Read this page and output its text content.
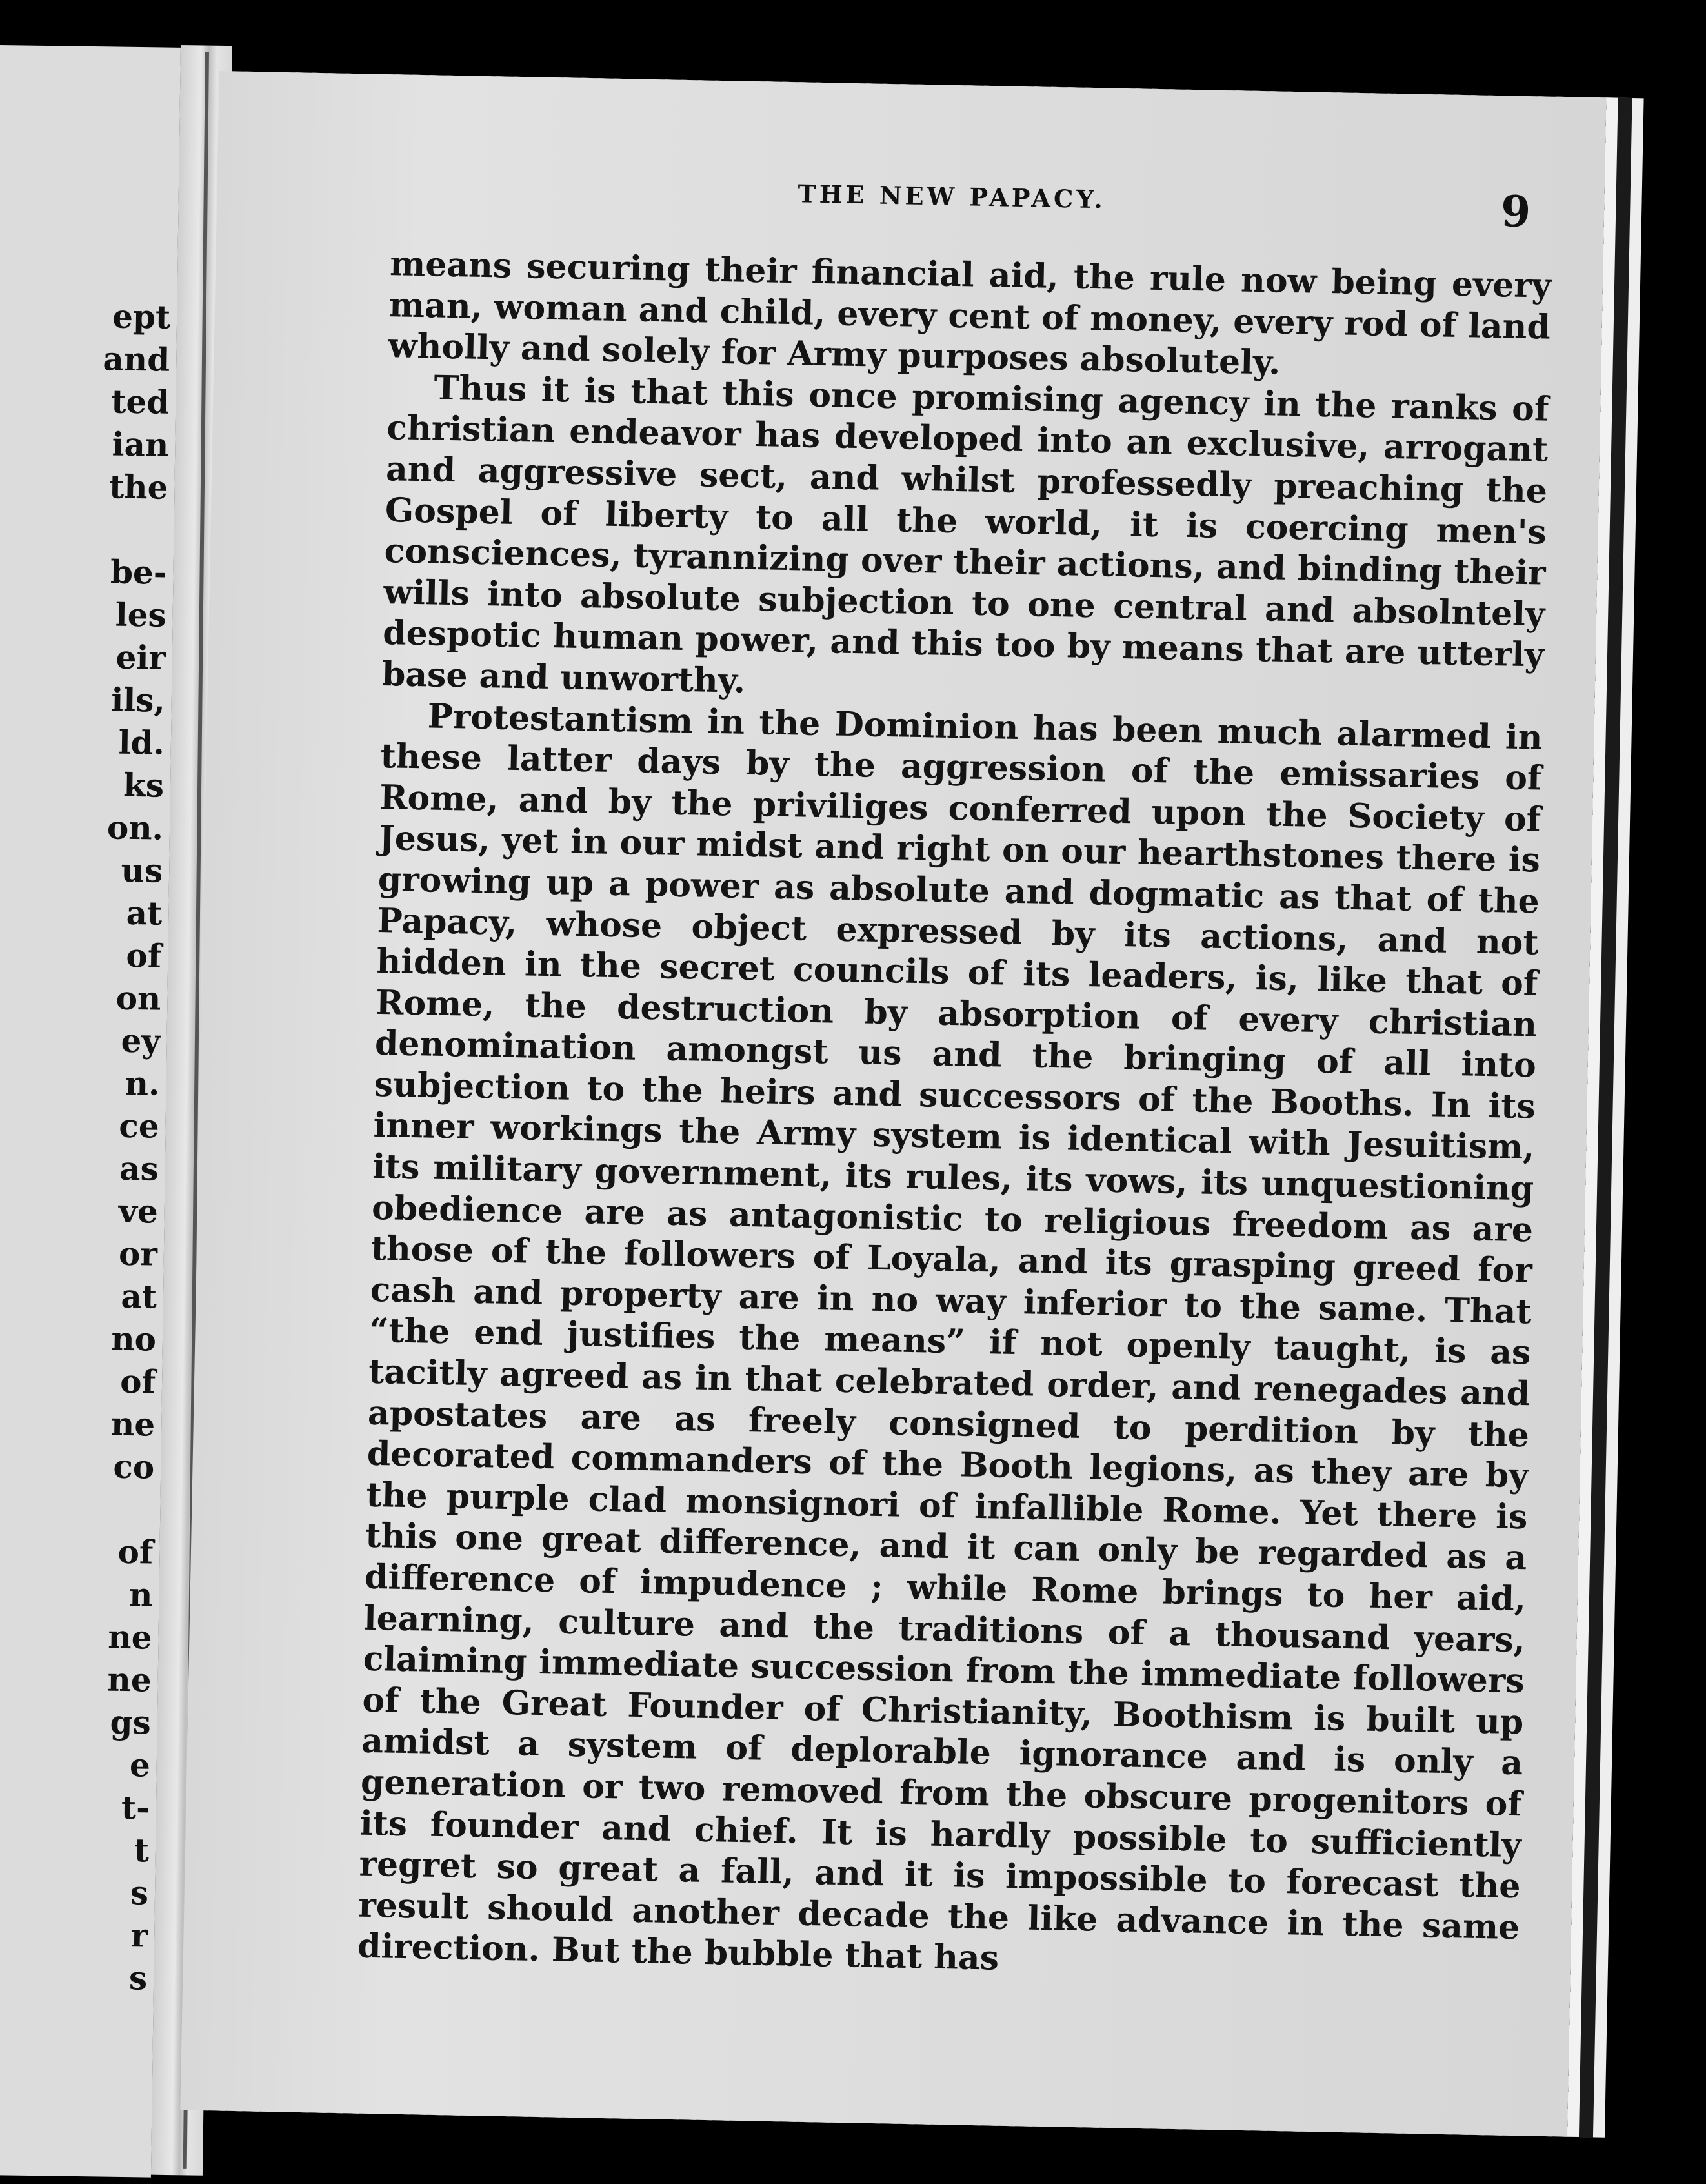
ept
and
ted
ian
the

be-
les
eir
ils,
ld.
ks
on.
us
at
of
on
ey
n.
ce
as
ve
or
at
no
of
ne
co

of
n
ne
ne
gs
e
t-
t
s
r
s
THE NEW PAPACY.	9

means securing their financial aid, the rule now being every man, woman and child, every cent of money, every rod of land wholly and solely for Army purposes absolutely.

Thus it is that this once promising agency in the ranks of christian endeavor has developed into an exclusive, arrogant and aggressive sect, and whilst professedly preaching the Gospel of liberty to all the world, it is coercing men's consciences, tyrannizing over their actions, and binding their wills into absolute subjection to one central and absolntely despotic human power, and this too by means that are utterly base and unworthy.

Protestantism in the Dominion has been much alarmed in these latter days by the aggression of the emissaries of Rome, and by the priviliges conferred upon the Society of Jesus, yet in our midst and right on our hearthstones there is growing up a power as absolute and dogmatic as that of the Papacy, whose object expressed by its actions, and not hidden in the secret councils of its leaders, is, like that of Rome, the destruction by absorption of every christian denomination amongst us and the bringing of all into subjection to the heirs and successors of the Booths. In its inner workings the Army system is identical with Jesuitism, its military government, its rules, its vows, its unquestioning obedience are as antagonistic to religious freedom as are those of the followers of Loyala, and its grasping greed for cash and property are in no way inferior to the same. That “the end justifies the means” if not openly taught, is as tacitly agreed as in that celebrated order, and renegades and apostates are as freely consigned to perdition by the decorated commanders of the Booth legions, as they are by the purple clad monsignori of infallible Rome. Yet there is this one great difference, and it can only be regarded as a difference of impudence ; while Rome brings to her aid, learning, culture and the traditions of a thousand years, claiming immediate succession from the immediate followers of the Great Founder of Christianity, Boothism is built up amidst a system of deplorable ignorance and is only a generation or two removed from the obscure progenitors of its founder and chief. It is hardly possible to sufficiently regret so great a fall, and it is impossible to forecast the result should another decade the like advance in the same direction. But the bubble that has
